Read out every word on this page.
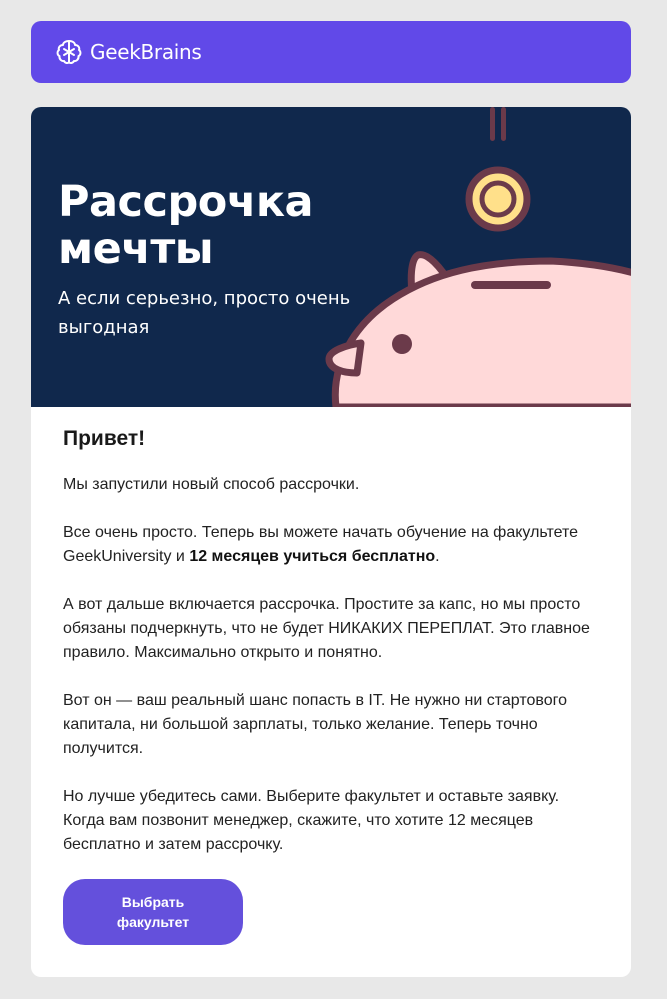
GeekBrains
Рассрочка мечты
А если серьезно, просто очень выгодная
Привет!

Мы запустили новый способ рассрочки.

Все очень просто. Теперь вы можете начать обучение на факультете GeekUniversity и 12 месяцев учиться бесплатно.

А вот дальше включается рассрочка. Простите за капс, но мы просто обязаны подчеркнуть, что не будет НИКАКИХ ПЕРЕПЛАТ. Это главное правило. Максимально открыто и понятно.

Вот он — ваш реальный шанс попасть в IT. Не нужно ни стартового капитала, ни большой зарплаты, только желание. Теперь точно получится.

Но лучше убедитесь сами. Выберите факультет и оставьте заявку. Когда вам позвонит менеджер, скажите, что хотите 12 месяцев бесплатно и затем рассрочку.

Выбрать факультет
